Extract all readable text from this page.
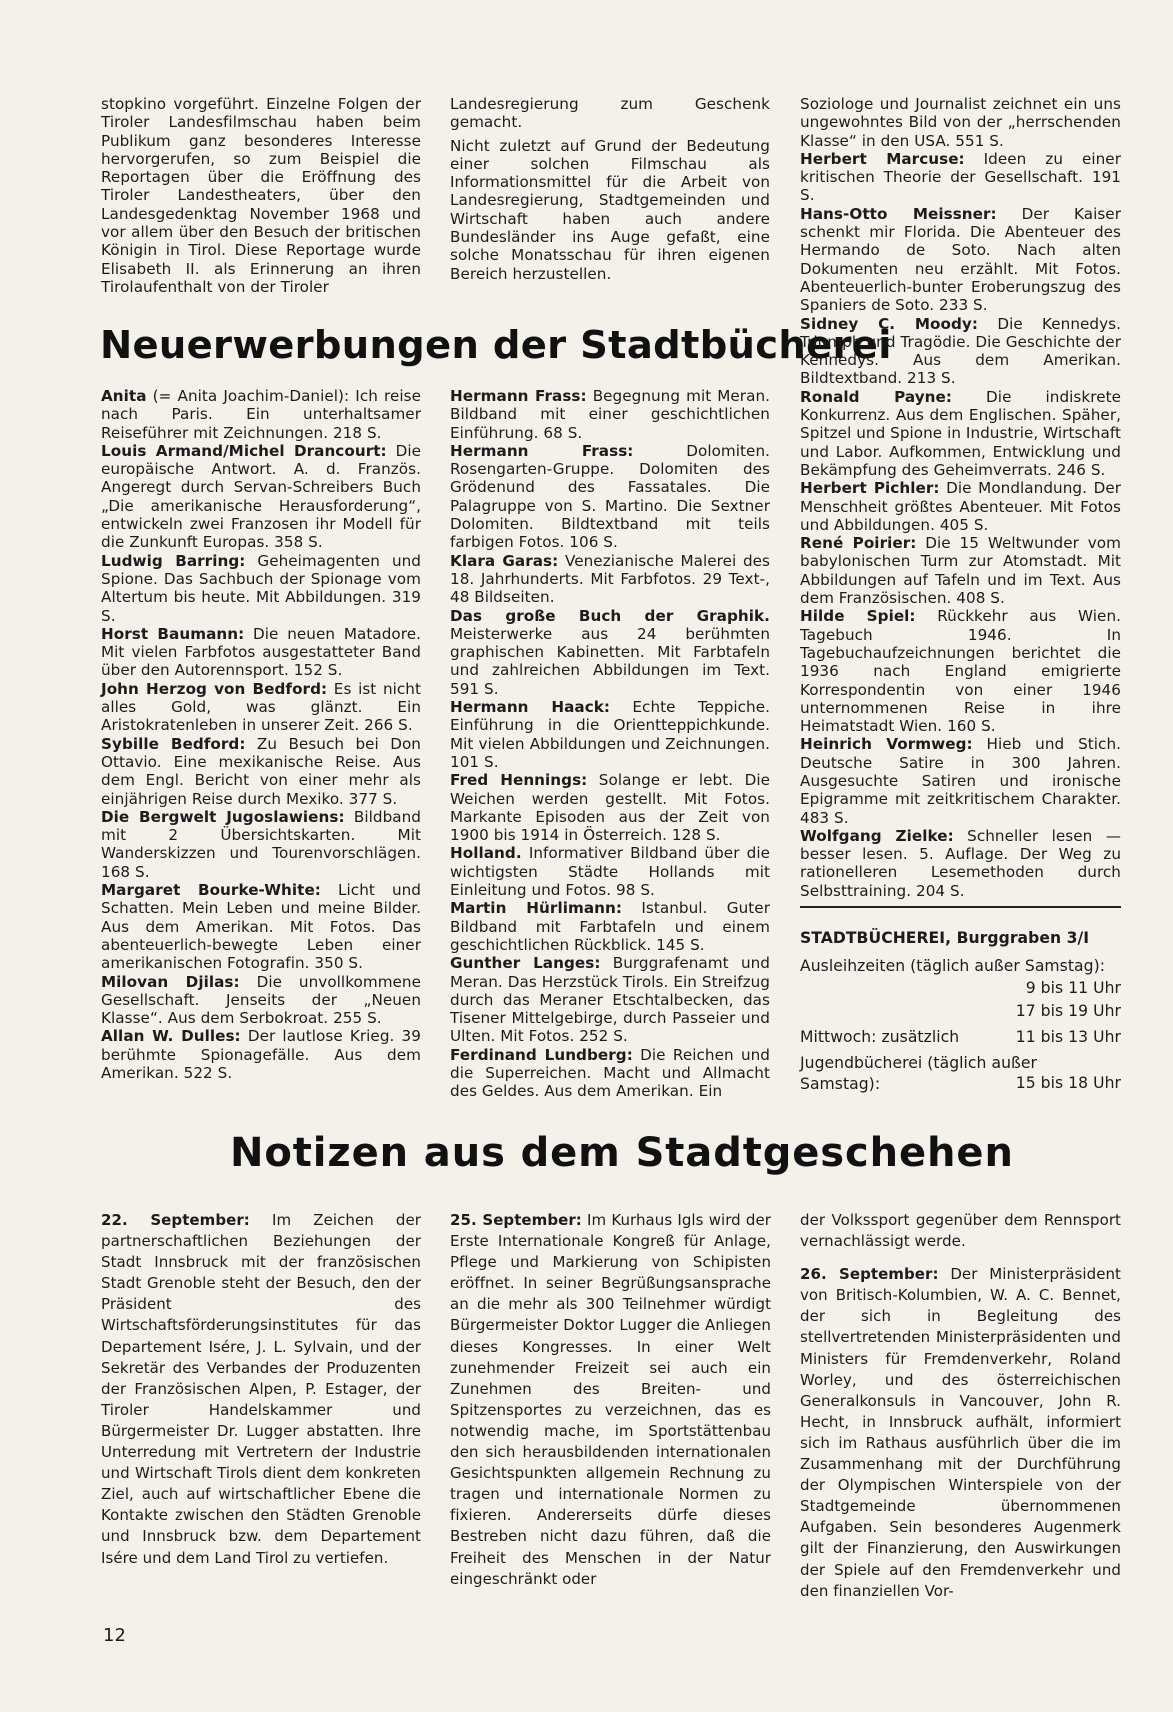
stopkino vorgeführt. Einzelne Folgen der Tiroler Landesfilmschau haben beim Publikum ganz besonderes Interesse hervorgerufen, so zum Beispiel die Reportagen über die Eröffnung des Tiroler Landestheaters, über den Landesgedenktag November 1968 und vor allem über den Besuch der britischen Königin in Tirol. Diese Reportage wurde Elisabeth II. als Erinnerung an ihren Tirolaufenthalt von der Tiroler

Landesregierung zum Geschenk gemacht.

Nicht zuletzt auf Grund der Bedeutung einer solchen Filmschau als Informationsmittel für die Arbeit von Landesregierung, Stadtgemeinden und Wirtschaft haben auch andere Bundesländer ins Auge gefaßt, eine solche Monatsschau für ihren eigenen Bereich herzustellen.

Neuerwerbungen der Stadtbücherei

Anita (= Anita Joachim-Daniel): Ich reise nach Paris. Ein unterhaltsamer Reiseführer mit Zeichnungen. 218 S.

Louis Armand/Michel Drancourt: Die europäische Antwort. A. d. Französ. Angeregt durch Servan-Schreibers Buch „Die amerikanische Herausforderung“, entwickeln zwei Franzosen ihr Modell für die Zunkunft Europas. 358 S.

Ludwig Barring: Geheimagenten und Spione. Das Sachbuch der Spionage vom Altertum bis heute. Mit Abbildungen. 319 S.

Horst Baumann: Die neuen Matadore. Mit vielen Farbfotos ausgestatteter Band über den Autorennsport. 152 S.

John Herzog von Bedford: Es ist nicht alles Gold, was glänzt. Ein Aristokratenleben in unserer Zeit. 266 S.

Sybille Bedford: Zu Besuch bei Don Ottavio. Eine mexikanische Reise. Aus dem Engl. Bericht von einer mehr als einjährigen Reise durch Mexiko. 377 S.

Die Bergwelt Jugoslawiens: Bildband mit 2 Übersichtskarten. Mit Wanderskizzen und Tourenvorschlägen. 168 S.

Margaret Bourke-White: Licht und Schatten. Mein Leben und meine Bilder. Aus dem Amerikan. Mit Fotos. Das abenteuerlich-bewegte Leben einer amerikanischen Fotografin. 350 S.

Milovan Djilas: Die unvollkommene Gesellschaft. Jenseits der „Neuen Klasse“. Aus dem Serbokroat. 255 S.

Allan W. Dulles: Der lautlose Krieg. 39 berühmte Spionagefälle. Aus dem Amerikan. 522 S.

Hermann Frass: Begegnung mit Meran. Bildband mit einer geschichtlichen Einführung. 68 S.

Hermann Frass: Dolomiten. Rosengarten-Gruppe. Dolomiten des Grödenund des Fassatales. Die Palagruppe von S. Martino. Die Sextner Dolomiten. Bildtextband mit teils farbigen Fotos. 106 S.

Klara Garas: Venezianische Malerei des 18. Jahrhunderts. Mit Farbfotos. 29 Text-, 48 Bildseiten.

Das große Buch der Graphik. Meisterwerke aus 24 berühmten graphischen Kabinetten. Mit Farbtafeln und zahlreichen Abbildungen im Text. 591 S.

Hermann Haack: Echte Teppiche. Einführung in die Orientteppichkunde. Mit vielen Abbildungen und Zeichnungen. 101 S.

Fred Hennings: Solange er lebt. Die Weichen werden gestellt. Mit Fotos. Markante Episoden aus der Zeit von 1900 bis 1914 in Österreich. 128 S.

Holland. Informativer Bildband über die wichtigsten Städte Hollands mit Einleitung und Fotos. 98 S.

Martin Hürlimann: Istanbul. Guter Bildband mit Farbtafeln und einem geschichtlichen Rückblick. 145 S.

Gunther Langes: Burggrafenamt und Meran. Das Herzstück Tirols. Ein Streifzug durch das Meraner Etschtalbecken, das Tisener Mittelgebirge, durch Passeier und Ulten. Mit Fotos. 252 S.

Ferdinand Lundberg: Die Reichen und die Superreichen. Macht und Allmacht des Geldes. Aus dem Amerikan. Ein

Soziologe und Journalist zeichnet ein uns ungewohntes Bild von der „herrschenden Klasse“ in den USA. 551 S.

Herbert Marcuse: Ideen zu einer kritischen Theorie der Gesellschaft. 191 S.

Hans-Otto Meissner: Der Kaiser schenkt mir Florida. Die Abenteuer des Hermando de Soto. Nach alten Dokumenten neu erzählt. Mit Fotos. Abenteuerlich-bunter Eroberungszug des Spaniers de Soto. 233 S.

Sidney C. Moody: Die Kennedys. Triumph und Tragödie. Die Geschichte der Kennedys. Aus dem Amerikan. Bildtextband. 213 S.

Ronald Payne: Die indiskrete Konkurrenz. Aus dem Englischen. Späher, Spitzel und Spione in Industrie, Wirtschaft und Labor. Aufkommen, Entwicklung und Bekämpfung des Geheimverrats. 246 S.

Herbert Pichler: Die Mondlandung. Der Menschheit größtes Abenteuer. Mit Fotos und Abbildungen. 405 S.

René Poirier: Die 15 Weltwunder vom babylonischen Turm zur Atomstadt. Mit Abbildungen auf Tafeln und im Text. Aus dem Französischen. 408 S.

Hilde Spiel: Rückkehr aus Wien. Tagebuch 1946. In Tagebuchaufzeichnungen berichtet die 1936 nach England emigrierte Korrespondentin von einer 1946 unternommenen Reise in ihre Heimatstadt Wien. 160 S.

Heinrich Vormweg: Hieb und Stich. Deutsche Satire in 300 Jahren. Ausgesuchte Satiren und ironische Epigramme mit zeitkritischem Charakter. 483 S.

Wolfgang Zielke: Schneller lesen — besser lesen. 5. Auflage. Der Weg zu rationelleren Lesemethoden durch Selbsttraining. 204 S.

STADTBÜCHEREI, Burggraben 3/I
Ausleihzeiten (täglich außer Samstag):
9 bis 11 Uhr
17 bis 19 Uhr
Mittwoch: zusätzlich	11 bis 13 Uhr
Jugendbücherei (täglich außer Samstag):	15 bis 18 Uhr
Notizen aus dem Stadtgeschehen

22. September: Im Zeichen der partnerschaftlichen Beziehungen der Stadt Innsbruck mit der französischen Stadt Grenoble steht der Besuch, den der Präsident des Wirtschaftsförderungsinstitutes für das Departement Isére, J. L. Sylvain, und der Sekretär des Verbandes der Produzenten der Französischen Alpen, P. Estager, der Tiroler Handelskammer und Bürgermeister Dr. Lugger abstatten. Ihre Unterredung mit Vertretern der Industrie und Wirtschaft Tirols dient dem konkreten Ziel, auch auf wirtschaftlicher Ebene die Kontakte zwischen den Städten Grenoble und Innsbruck bzw. dem Departement Isére und dem Land Tirol zu vertiefen.

25. September: Im Kurhaus Igls wird der Erste Internationale Kongreß für Anlage, Pflege und Markierung von Schipisten eröffnet. In seiner Begrüßungsansprache an die mehr als 300 Teilnehmer würdigt Bürgermeister Doktor Lugger die Anliegen dieses Kongresses. In einer Welt zunehmender Freizeit sei auch ein Zunehmen des Breiten- und Spitzensportes zu verzeichnen, das es notwendig mache, im Sportstättenbau den sich herausbildenden internationalen Gesichtspunkten allgemein Rechnung zu tragen und internationale Normen zu fixieren. Andererseits dürfe dieses Bestreben nicht dazu führen, daß die Freiheit des Menschen in der Natur eingeschränkt oder

der Volkssport gegenüber dem Rennsport vernachlässigt werde.

26. September: Der Ministerpräsident von Britisch-Kolumbien, W. A. C. Bennet, der sich in Begleitung des stellvertretenden Ministerpräsidenten und Ministers für Fremdenverkehr, Roland Worley, und des österreichischen Generalkonsuls in Vancouver, John R. Hecht, in Innsbruck aufhält, informiert sich im Rathaus ausführlich über die im Zusammenhang mit der Durchführung der Olympischen Winterspiele von der Stadtgemeinde übernommenen Aufgaben. Sein besonderes Augenmerk gilt der Finanzierung, den Auswirkungen der Spiele auf den Fremdenverkehr und den finanziellen Vor-

12
